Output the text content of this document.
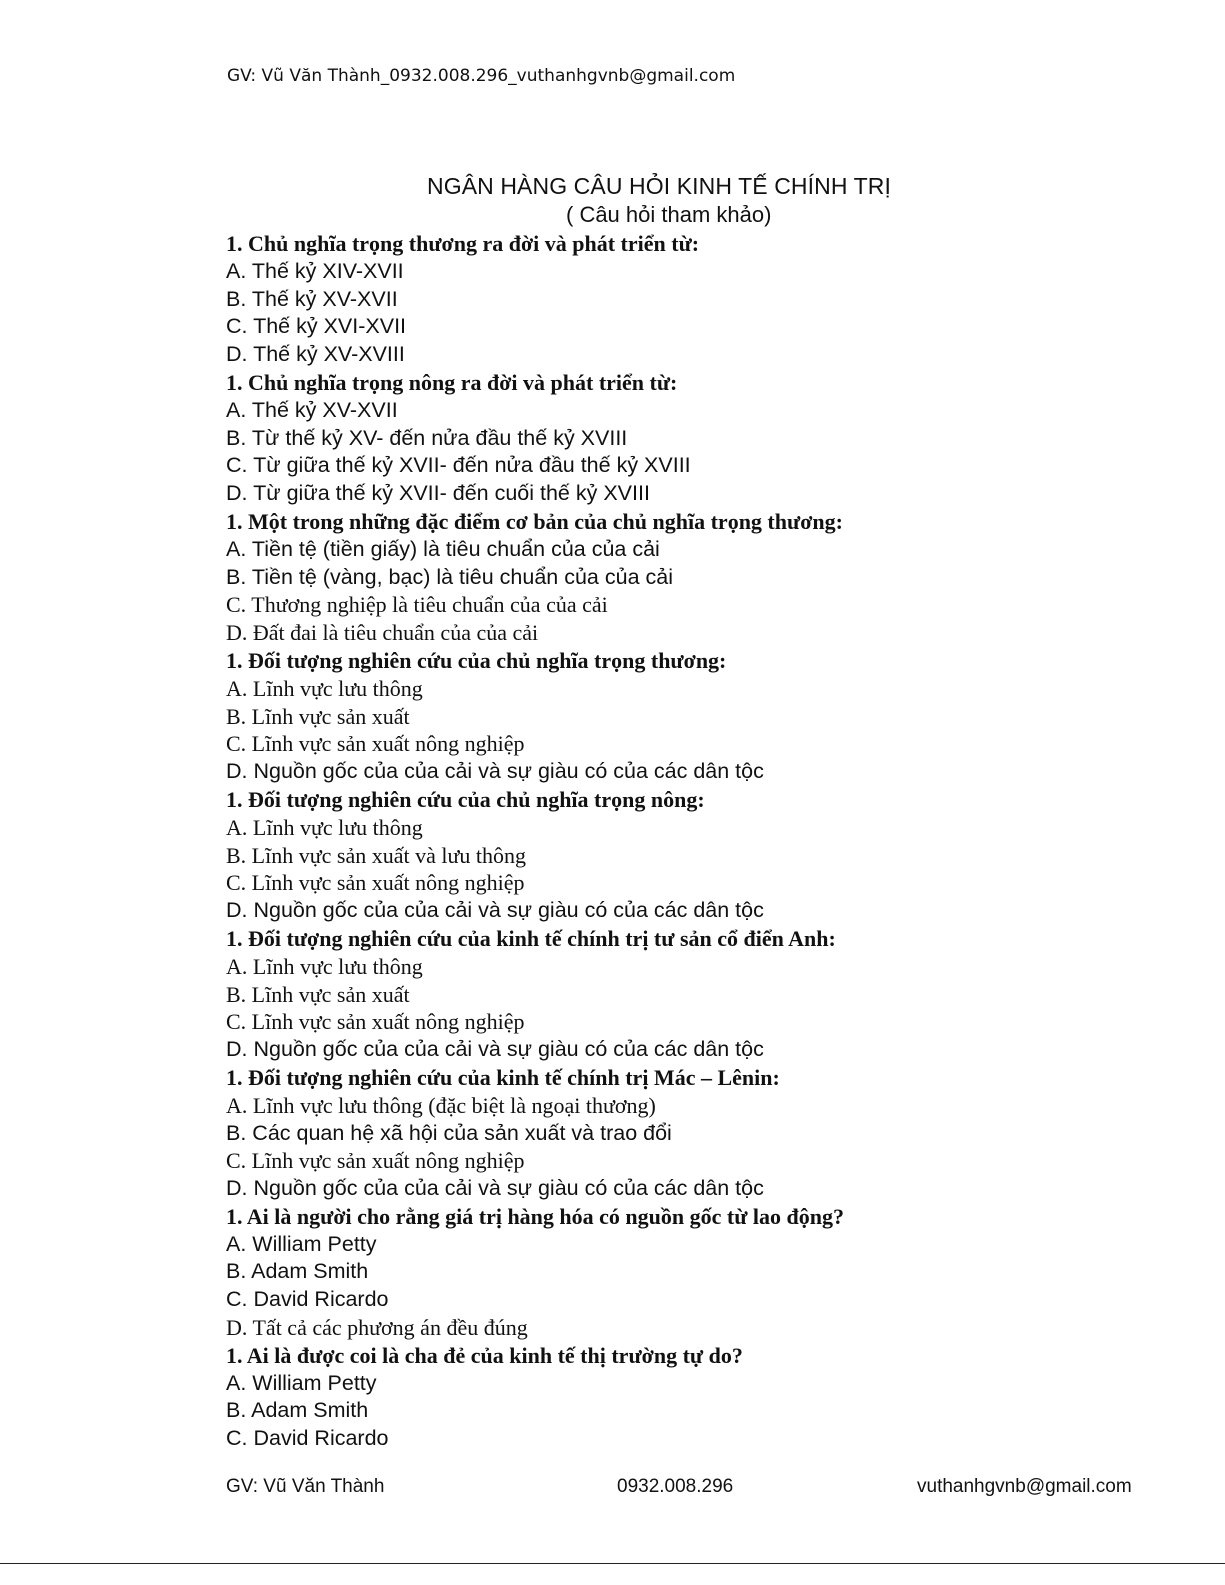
GV: Vũ Văn Thành_0932.008.296_vuthanhgvnb@gmail.com
NGÂN HÀNG CÂU HỎI KINH TẾ CHÍNH TRỊ
( Câu hỏi tham khảo)
1. Chủ nghĩa trọng thương ra đời và phát triển từ:
A. Thế kỷ XIV-XVII
B. Thế kỷ XV-XVII
C. Thế kỷ XVI-XVII
D. Thế kỷ XV-XVIII
1. Chủ nghĩa trọng nông ra đời và phát triển từ:
A. Thế kỷ XV-XVII
B. Từ thế kỷ XV- đến nửa đầu thế kỷ XVIII
C. Từ giữa thế kỷ XVII- đến nửa đầu thế kỷ XVIII
D. Từ giữa thế kỷ XVII- đến cuối thế kỷ XVIII
1. Một trong những đặc điểm cơ bản của chủ nghĩa trọng thương:
A. Tiền tệ (tiền giấy) là tiêu chuẩn của của cải
B. Tiền tệ (vàng, bạc) là tiêu chuẩn của của cải
C. Thương nghiệp là tiêu chuẩn của của cải
D. Đất đai là tiêu chuẩn của của cải
1. Đối tượng nghiên cứu của chủ nghĩa trọng thương:
A. Lĩnh vực lưu thông
B. Lĩnh vực sản xuất
C. Lĩnh vực sản xuất nông nghiệp
D. Nguồn gốc của của cải và sự giàu có của các dân tộc
1. Đối tượng nghiên cứu của chủ nghĩa trọng nông:
A. Lĩnh vực lưu thông
B. Lĩnh vực sản xuất và lưu thông
C. Lĩnh vực sản xuất nông nghiệp
D. Nguồn gốc của của cải và sự giàu có của các dân tộc
1. Đối tượng nghiên cứu của kinh tế chính trị tư sản cổ điển Anh:
A. Lĩnh vực lưu thông
B. Lĩnh vực sản xuất
C. Lĩnh vực sản xuất nông nghiệp
D. Nguồn gốc của của cải và sự giàu có của các dân tộc
1. Đối tượng nghiên cứu của kinh tế chính trị Mác – Lênin:
A. Lĩnh vực lưu thông (đặc biệt là ngoại thương)
B. Các quan hệ xã hội của sản xuất và trao đổi
C. Lĩnh vực sản xuất nông nghiệp
D. Nguồn gốc của của cải và sự giàu có của các dân tộc
1. Ai là người cho rằng giá trị hàng hóa có nguồn gốc từ lao động?
A. William Petty
B. Adam Smith
C. David Ricardo
D. Tất cả các phương án đều đúng
1. Ai là được coi là cha đẻ của kinh tế thị trường tự do?
A. William Petty
B. Adam Smith
C. David Ricardo
GV: Vũ Văn Thành	0932.008.296	vuthanhgvnb@gmail.com
